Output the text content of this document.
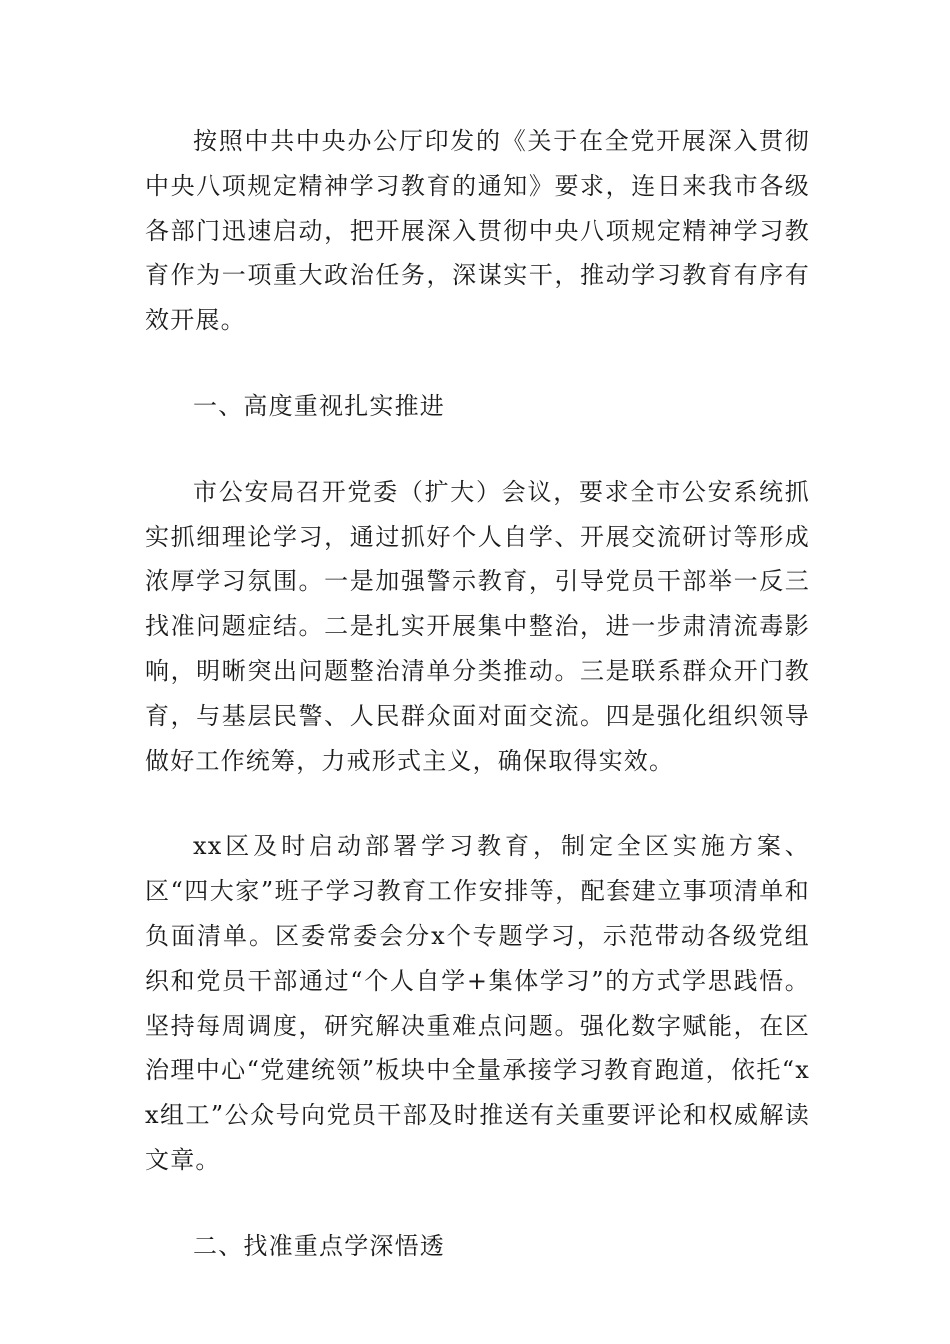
按照中共中央办公厅印发的《关于在全党开展深入贯彻中央八项规定精神学习教育的通知》要求，连日来我市各级各部门迅速启动，把开展深入贯彻中央八项规定精神学习教育作为一项重大政治任务，深谋实干，推动学习教育有序有效开展。

一、高度重视扎实推进

市公安局召开党委（扩大）会议，要求全市公安系统抓实抓细理论学习，通过抓好个人自学、开展交流研讨等形成浓厚学习氛围。一是加强警示教育，引导党员干部举一反三找准问题症结。二是扎实开展集中整治，进一步肃清流毒影响，明晰突出问题整治清单分类推动。三是联系群众开门教育，与基层民警、人民群众面对面交流。四是强化组织领导做好工作统筹，力戒形式主义，确保取得实效。

xx区及时启动部署学习教育，制定全区实施方案、区“四大家”班子学习教育工作安排等，配套建立事项清单和负面清单。区委常委会分x个专题学习，示范带动各级党组织和党员干部通过“个人自学+集体学习”的方式学思践悟。坚持每周调度，研究解决重难点问题。强化数字赋能，在区治理中心“党建统领”板块中全量承接学习教育跑道，依托“xx组工”公众号向党员干部及时推送有关重要评论和权威解读文章。

二、找准重点学深悟透
